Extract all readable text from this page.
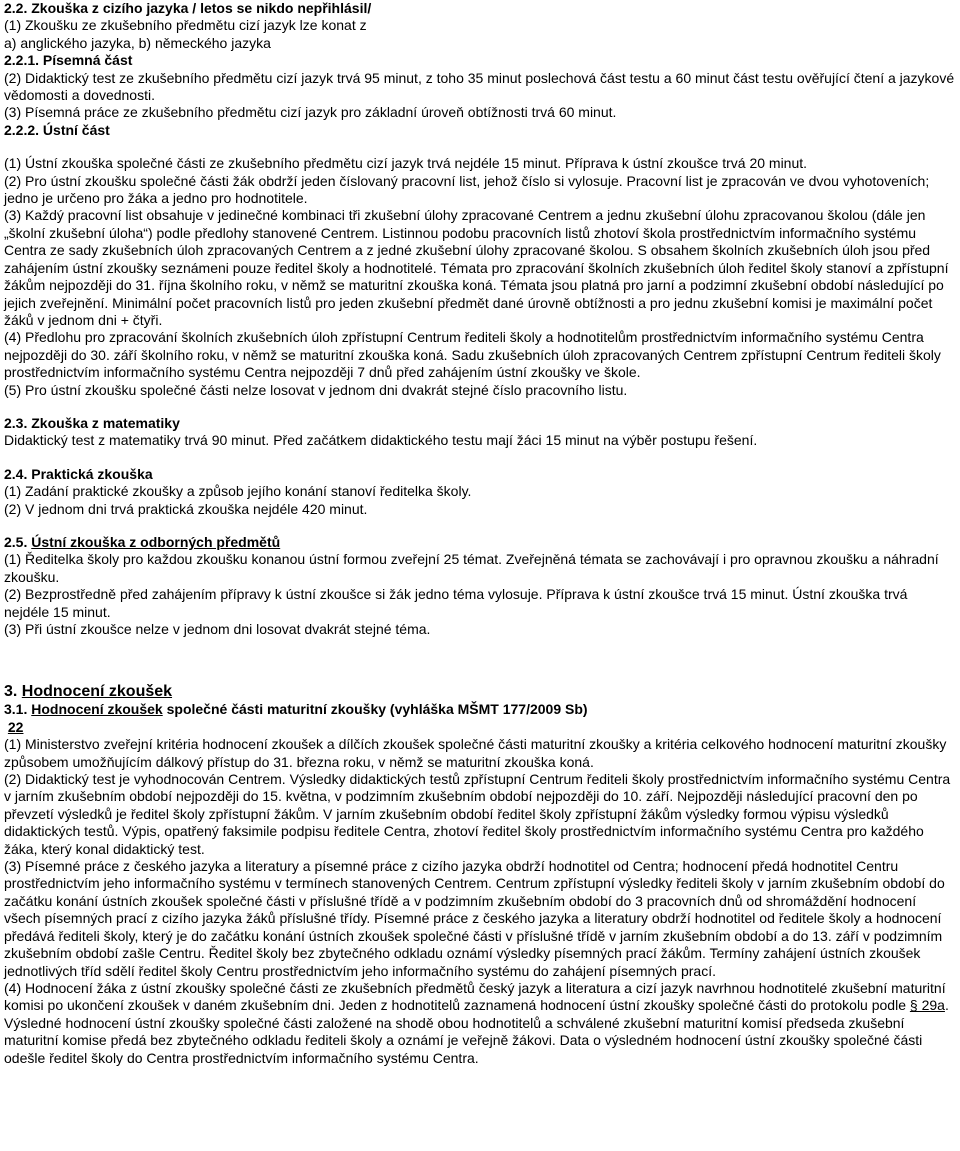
2.2. Zkouška z cizího jazyka / letos se nikdo nepřihlásil/

(1) Zkoušku ze zkušebního předmětu cizí jazyk lze konat z

a) anglického jazyka, b) německého jazyka

2.2.1. Písemná část

(2) Didaktický test ze zkušebního předmětu cizí jazyk trvá 95 minut, z toho 35 minut poslechová část testu a 60 minut část testu ověřující čtení a jazykové vědomosti a dovednosti.

(3) Písemná práce ze zkušebního předmětu cizí jazyk pro základní úroveň obtížnosti trvá 60 minut.

2.2.2. Ústní část

(1) Ústní zkouška společné části ze zkušebního předmětu cizí jazyk trvá nejdéle 15 minut. Příprava k ústní zkoušce trvá 20 minut.

(2) Pro ústní zkoušku společné části žák obdrží jeden číslovaný pracovní list, jehož číslo si vylosuje. Pracovní list je zpracován ve dvou vyhotoveních; jedno je určeno pro žáka a jedno pro hodnotitele.

(3) Každý pracovní list obsahuje v jedinečné kombinaci tři zkušební úlohy zpracované Centrem a jednu zkušební úlohu zpracovanou školou (dále jen „školní zkušební úloha“) podle předlohy stanovené Centrem. Listinnou podobu pracovních listů zhotoví škola prostřednictvím informačního systému Centra ze sady zkušebních úloh zpracovaných Centrem a z jedné zkušební úlohy zpracované školou. S obsahem školních zkušebních úloh jsou před zahájením ústní zkoušky seznámeni pouze ředitel školy a hodnotitelé. Témata pro zpracování školních zkušebních úloh ředitel školy stanoví a zpřístupní žákům nejpozději do 31. října školního roku, v němž se maturitní zkouška koná. Témata jsou platná pro jarní a podzimní zkušební období následující po jejich zveřejnění. Minimální počet pracovních listů pro jeden zkušební předmět dané úrovně obtížnosti a pro jednu zkušební komisi je maximální počet žáků v jednom dni + čtyři.

(4) Předlohu pro zpracování školních zkušebních úloh zpřístupní Centrum řediteli školy a hodnotitelům prostřednictvím informačního systému Centra nejpozději do 30. září školního roku, v němž se maturitní zkouška koná. Sadu zkušebních úloh zpracovaných Centrem zpřístupní Centrum řediteli školy prostřednictvím informačního systému Centra nejpozději 7 dnů před zahájením ústní zkoušky ve škole.

(5) Pro ústní zkoušku společné části nelze losovat v jednom dni dvakrát stejné číslo pracovního listu.

2.3. Zkouška z matematiky

Didaktický test z matematiky trvá 90 minut. Před začátkem didaktického testu mají žáci 15 minut na výběr postupu řešení.

2.4. Praktická zkouška

(1) Zadání praktické zkoušky a způsob jejího konání stanoví ředitelka školy.

(2) V jednom dni trvá praktická zkouška nejdéle 420 minut.

2.5. Ústní zkouška z odborných předmětů

(1) Ředitelka školy pro každou zkoušku konanou ústní formou zveřejní 25 témat. Zveřejněná témata se zachovávají i pro opravnou zkoušku a náhradní zkoušku.

(2) Bezprostředně před zahájením přípravy k ústní zkoušce si žák jedno téma vylosuje. Příprava k ústní zkoušce trvá 15 minut. Ústní zkouška trvá nejdéle 15 minut.

(3) Při ústní zkoušce nelze v jednom dni losovat dvakrát stejné téma.

3. Hodnocení zkoušek

3.1. Hodnocení zkoušek společné části maturitní zkoušky (vyhláška MŠMT 177/2009 Sb)

22

(1) Ministerstvo zveřejní kritéria hodnocení zkoušek a dílčích zkoušek společné části maturitní zkoušky a kritéria celkového hodnocení maturitní zkoušky způsobem umožňujícím dálkový přístup do 31. března roku, v němž se maturitní zkouška koná.

(2) Didaktický test je vyhodnocován Centrem. Výsledky didaktických testů zpřístupní Centrum řediteli školy prostřednictvím informačního systému Centra v jarním zkušebním období nejpozději do 15. května, v podzimním zkušebním období nejpozději do 10. září. Nejpozději následující pracovní den po převzetí výsledků je ředitel školy zpřístupní žákům. V jarním zkušebním období ředitel školy zpřístupní žákům výsledky formou výpisu výsledků didaktických testů. Výpis, opatřený faksimile podpisu ředitele Centra, zhotoví ředitel školy prostřednictvím informačního systému Centra pro každého žáka, který konal didaktický test.

(3) Písemné práce z českého jazyka a literatury a písemné práce z cizího jazyka obdrží hodnotitel od Centra; hodnocení předá hodnotitel Centru prostřednictvím jeho informačního systému v termínech stanovených Centrem. Centrum zpřístupní výsledky řediteli školy v jarním zkušebním období do začátku konání ústních zkoušek společné části v příslušné třídě a v podzimním zkušebním období do 3 pracovních dnů od shromáždění hodnocení všech písemných prací z cizího jazyka žáků příslušné třídy. Písemné práce z českého jazyka a literatury obdrží hodnotitel od ředitele školy a hodnocení předává řediteli školy, který je do začátku konání ústních zkoušek společné části v příslušné třídě v jarním zkušebním období a do 13. září v podzimním zkušebním období zašle Centru. Ředitel školy bez zbytečného odkladu oznámí výsledky písemných prací žákům. Termíny zahájení ústních zkoušek jednotlivých tříd sdělí ředitel školy Centru prostřednictvím jeho informačního systému do zahájení písemných prací.

(4) Hodnocení žáka z ústní zkoušky společné části ze zkušebních předmětů český jazyk a literatura a cizí jazyk navrhnou hodnotitelé zkušební maturitní komisi po ukončení zkoušek v daném zkušebním dni. Jeden z hodnotitelů zaznamená hodnocení ústní zkoušky společné části do protokolu podle § 29a. Výsledné hodnocení ústní zkoušky společné části založené na shodě obou hodnotitelů a schválené zkušební maturitní komisí předseda zkušební maturitní komise předá bez zbytečného odkladu řediteli školy a oznámí je veřejně žákovi. Data o výsledném hodnocení ústní zkoušky společné části odešle ředitel školy do Centra prostřednictvím informačního systému Centra.
